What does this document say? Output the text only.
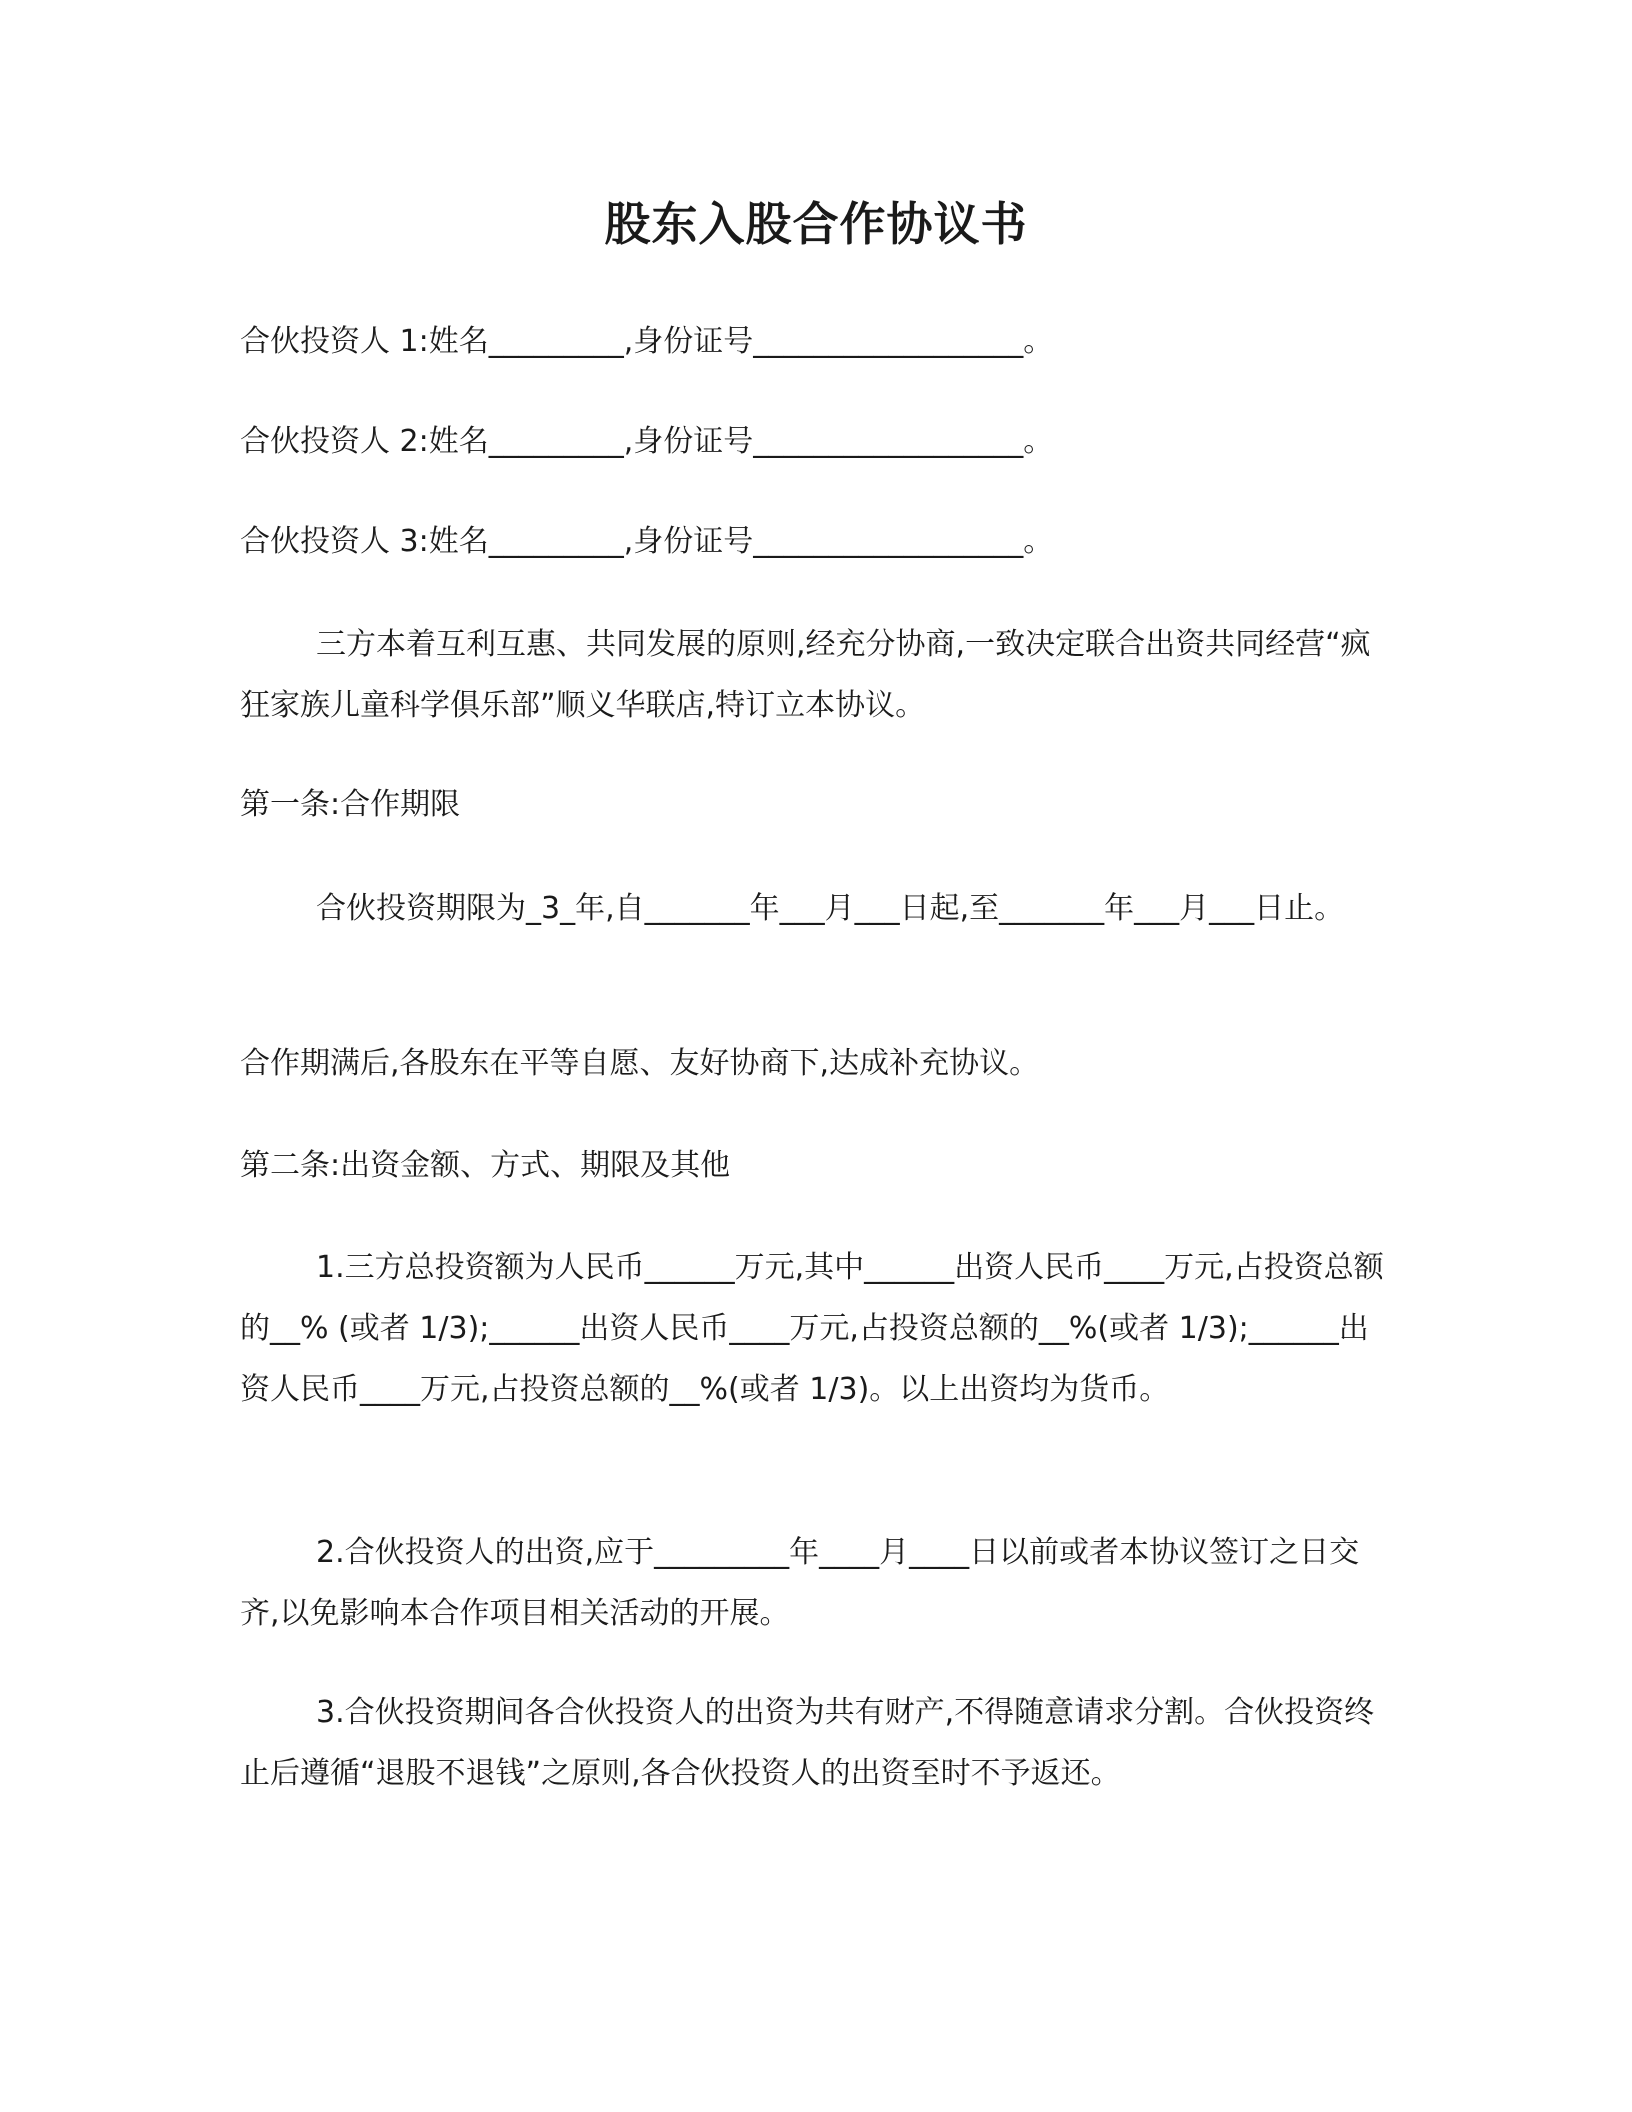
股东入股合作协议书
合伙投资人 1:姓名_________,身份证号__________________。
合伙投资人 2:姓名_________,身份证号__________________。
合伙投资人 3:姓名_________,身份证号__________________。
三方本着互利互惠、共同发展的原则,经充分协商,一致决定联合出资共同经营“疯狂家族儿童科学俱乐部”顺义华联店,特订立本协议。
第一条:合作期限
合伙投资期限为_3_年,自_______年___月___日起,至_______年___月___日止。
合作期满后,各股东在平等自愿、友好协商下,达成补充协议。
第二条:出资金额、方式、期限及其他
1.三方总投资额为人民币______万元,其中______出资人民币____万元,占投资总额的__% (或者 1/3);______出资人民币____万元,占投资总额的__%(或者 1/3);______出资人民币____万元,占投资总额的__%(或者 1/3)。以上出资均为货币。
2.合伙投资人的出资,应于_________年____月____日以前或者本协议签订之日交齐,以免影响本合作项目相关活动的开展。
3.合伙投资期间各合伙投资人的出资为共有财产,不得随意请求分割。合伙投资终止后遵循“退股不退钱”之原则,各合伙投资人的出资至时不予返还。
